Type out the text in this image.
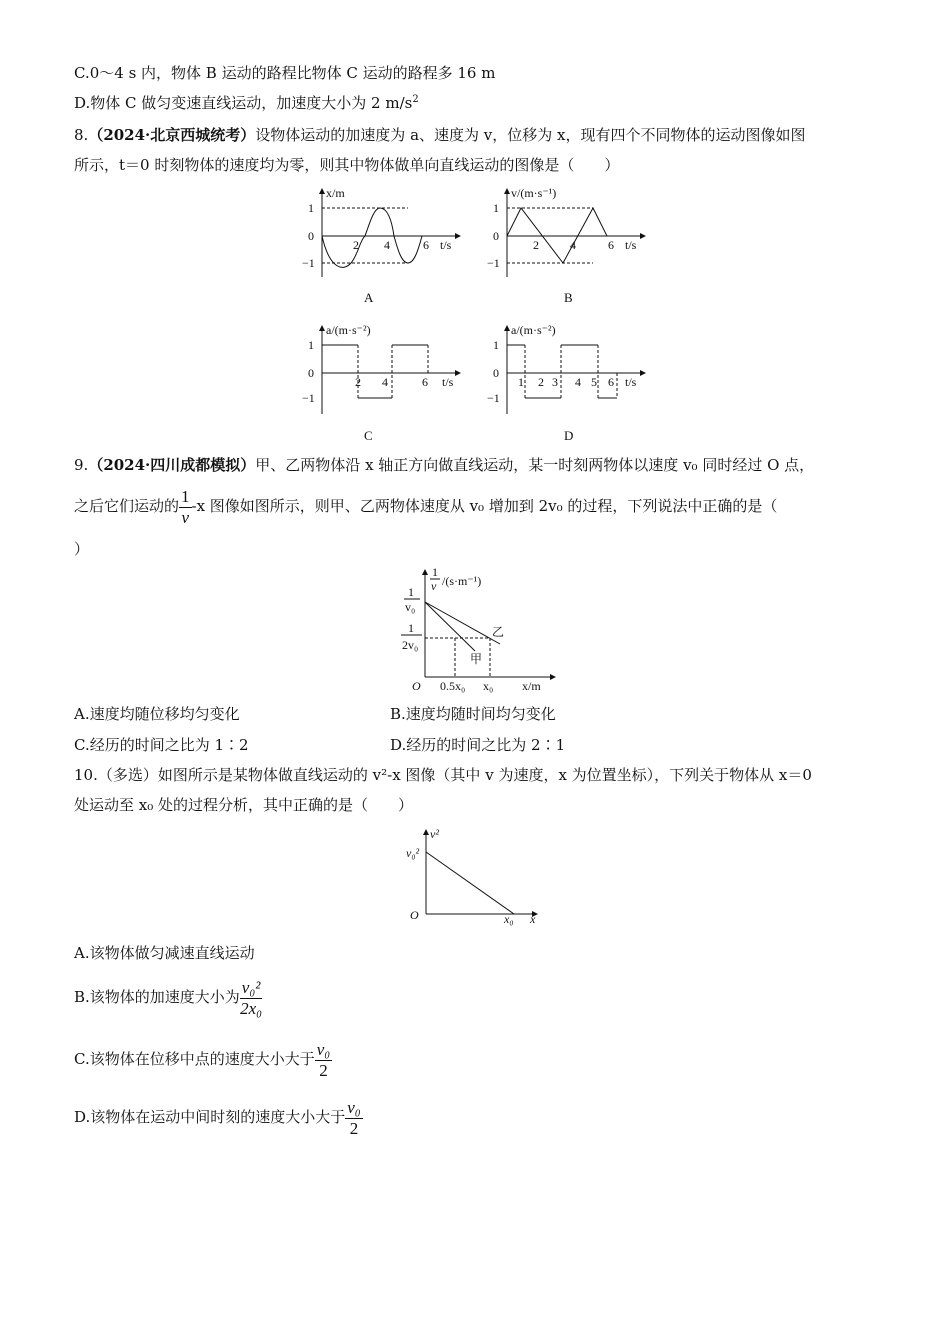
C.0～4 s 内，物体 B 运动的路程比物体 C 运动的路程多 16 m
D.物体 C 做匀变速直线运动，加速度大小为 2 $m/s^2$
8.（2024·北京西城统考）设物体运动的加速度为 a、速度为 v，位移为 x，现有四个不同物体的运动图像如图
所示，t＝0 时刻物体的速度均为零，则其中物体做单向直线运动的图像是（　　）
x/m
1
0
−1
2 4	6 t/s
A
v/(m·s⁻¹)
1
0
−1
2	4	6 t/s
B
a/(m·s⁻²)
1
0
−1
2 4	6 t/s
C
a/(m·s⁻²)
1
0
−1
1 2 3 4 5 6 t/s
D
9.（2024·四川成都模拟）甲、乙两物体沿 x 轴正方向做直线运动，某一时刻两物体以速度 v₀ 同时经过 O 点，
之后它们运动的 $\frac{1}{v} -x$ 图像如图所示，则甲、乙两物体速度从 v₀ 增加到 2v₀ 的过程，下列说法中正确的是（
）
1
v /(s·m⁻¹)
1
v₀
1
2v₀
乙
甲
O 0.5x₀ x₀ x/m
A.速度均随位移均匀变化	B.速度均随时间均匀变化
C.经历的时间之比为 1∶2	D.经历的时间之比为 2∶1
10.（多选）如图所示是某物体做直线运动的 v²-x 图像（其中 v 为速度，x 为位置坐标），下列关于物体从 x＝0
处运动至 x₀ 处的过程分析，其中正确的是（　　）
v²
v₀²
O	x₀ x
A.该物体做匀减速直线运动
B.该物体的加速度大小为 $\frac{\text{v₀²}}{\text{2x₀}}$
C.该物体在位移中点的速度大小大于 $\frac{\text{v₀}}{2}$
D.该物体在运动中间时刻的速度大小大于 $\frac{\text{v₀}}{2}$
